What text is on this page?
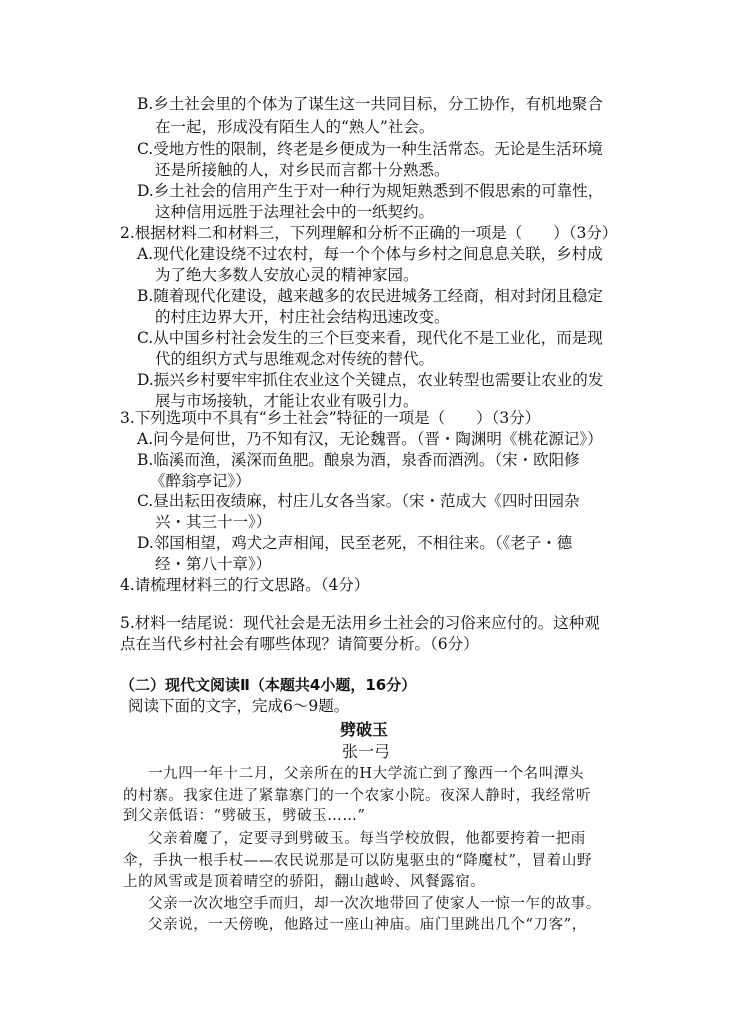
B.乡土社会里的个体为了谋生这一共同目标，分工协作，有机地聚合
在一起，形成没有陌生人的“熟人”社会。
C.受地方性的限制，终老是乡便成为一种生活常态。无论是生活环境
还是所接触的人，对乡民而言都十分熟悉。
D.乡土社会的信用产生于对一种行为规矩熟悉到不假思索的可靠性，
这种信用远胜于法理社会中的一纸契约。
2.根据材料二和材料三，下列理解和分析不正确的一项是（　　）（3分）
A.现代化建设绕不过农村，每一个个体与乡村之间息息关联，乡村成
为了绝大多数人安放心灵的精神家园。
B.随着现代化建设，越来越多的农民进城务工经商，相对封闭且稳定
的村庄边界大开，村庄社会结构迅速改变。
C.从中国乡村社会发生的三个巨变来看，现代化不是工业化，而是现
代的组织方式与思维观念对传统的替代。
D.振兴乡村要牢牢抓住农业这个关键点，农业转型也需要让农业的发
展与市场接轨，才能让农业有吸引力。
3.下列选项中不具有“乡土社会”特征的一项是（　　）（3分）
A.问今是何世，乃不知有汉，无论魏晋。（晋・陶渊明《桃花源记》）
B.临溪而渔，溪深而鱼肥。酿泉为酒，泉香而酒洌。（宋・欧阳修
《醉翁亭记》）
C.昼出耘田夜绩麻，村庄儿女各当家。（宋・范成大《四时田园杂
兴・其三十一》）
D.邻国相望，鸡犬之声相闻，民至老死，不相往来。（《老子・德
经・第八十章》）
4.请梳理材料三的行文思路。（4分）
5.材料一结尾说：现代社会是无法用乡土社会的习俗来应付的。这种观
点在当代乡村社会有哪些体现？请简要分析。（6分）
（二）现代文阅读Ⅱ（本题共4小题，16分）
阅读下面的文字，完成6～9题。
劈破玉
张一弓
一九四一年十二月，父亲所在的H大学流亡到了豫西一个名叫潭头
的村寨。我家住进了紧靠寨门的一个农家小院。夜深人静时，我经常听
到父亲低语：“劈破玉，劈破玉……”
父亲着魔了，定要寻到劈破玉。每当学校放假，他都要挎着一把雨
伞，手执一根手杖——农民说那是可以防鬼驱虫的“降魔杖”，冒着山野
上的风雪或是顶着晴空的骄阳，翻山越岭、风餐露宿。
父亲一次次地空手而归，却一次次地带回了使家人一惊一乍的故事。
父亲说，一天傍晚，他路过一座山神庙。庙门里跳出几个“刀客”，
